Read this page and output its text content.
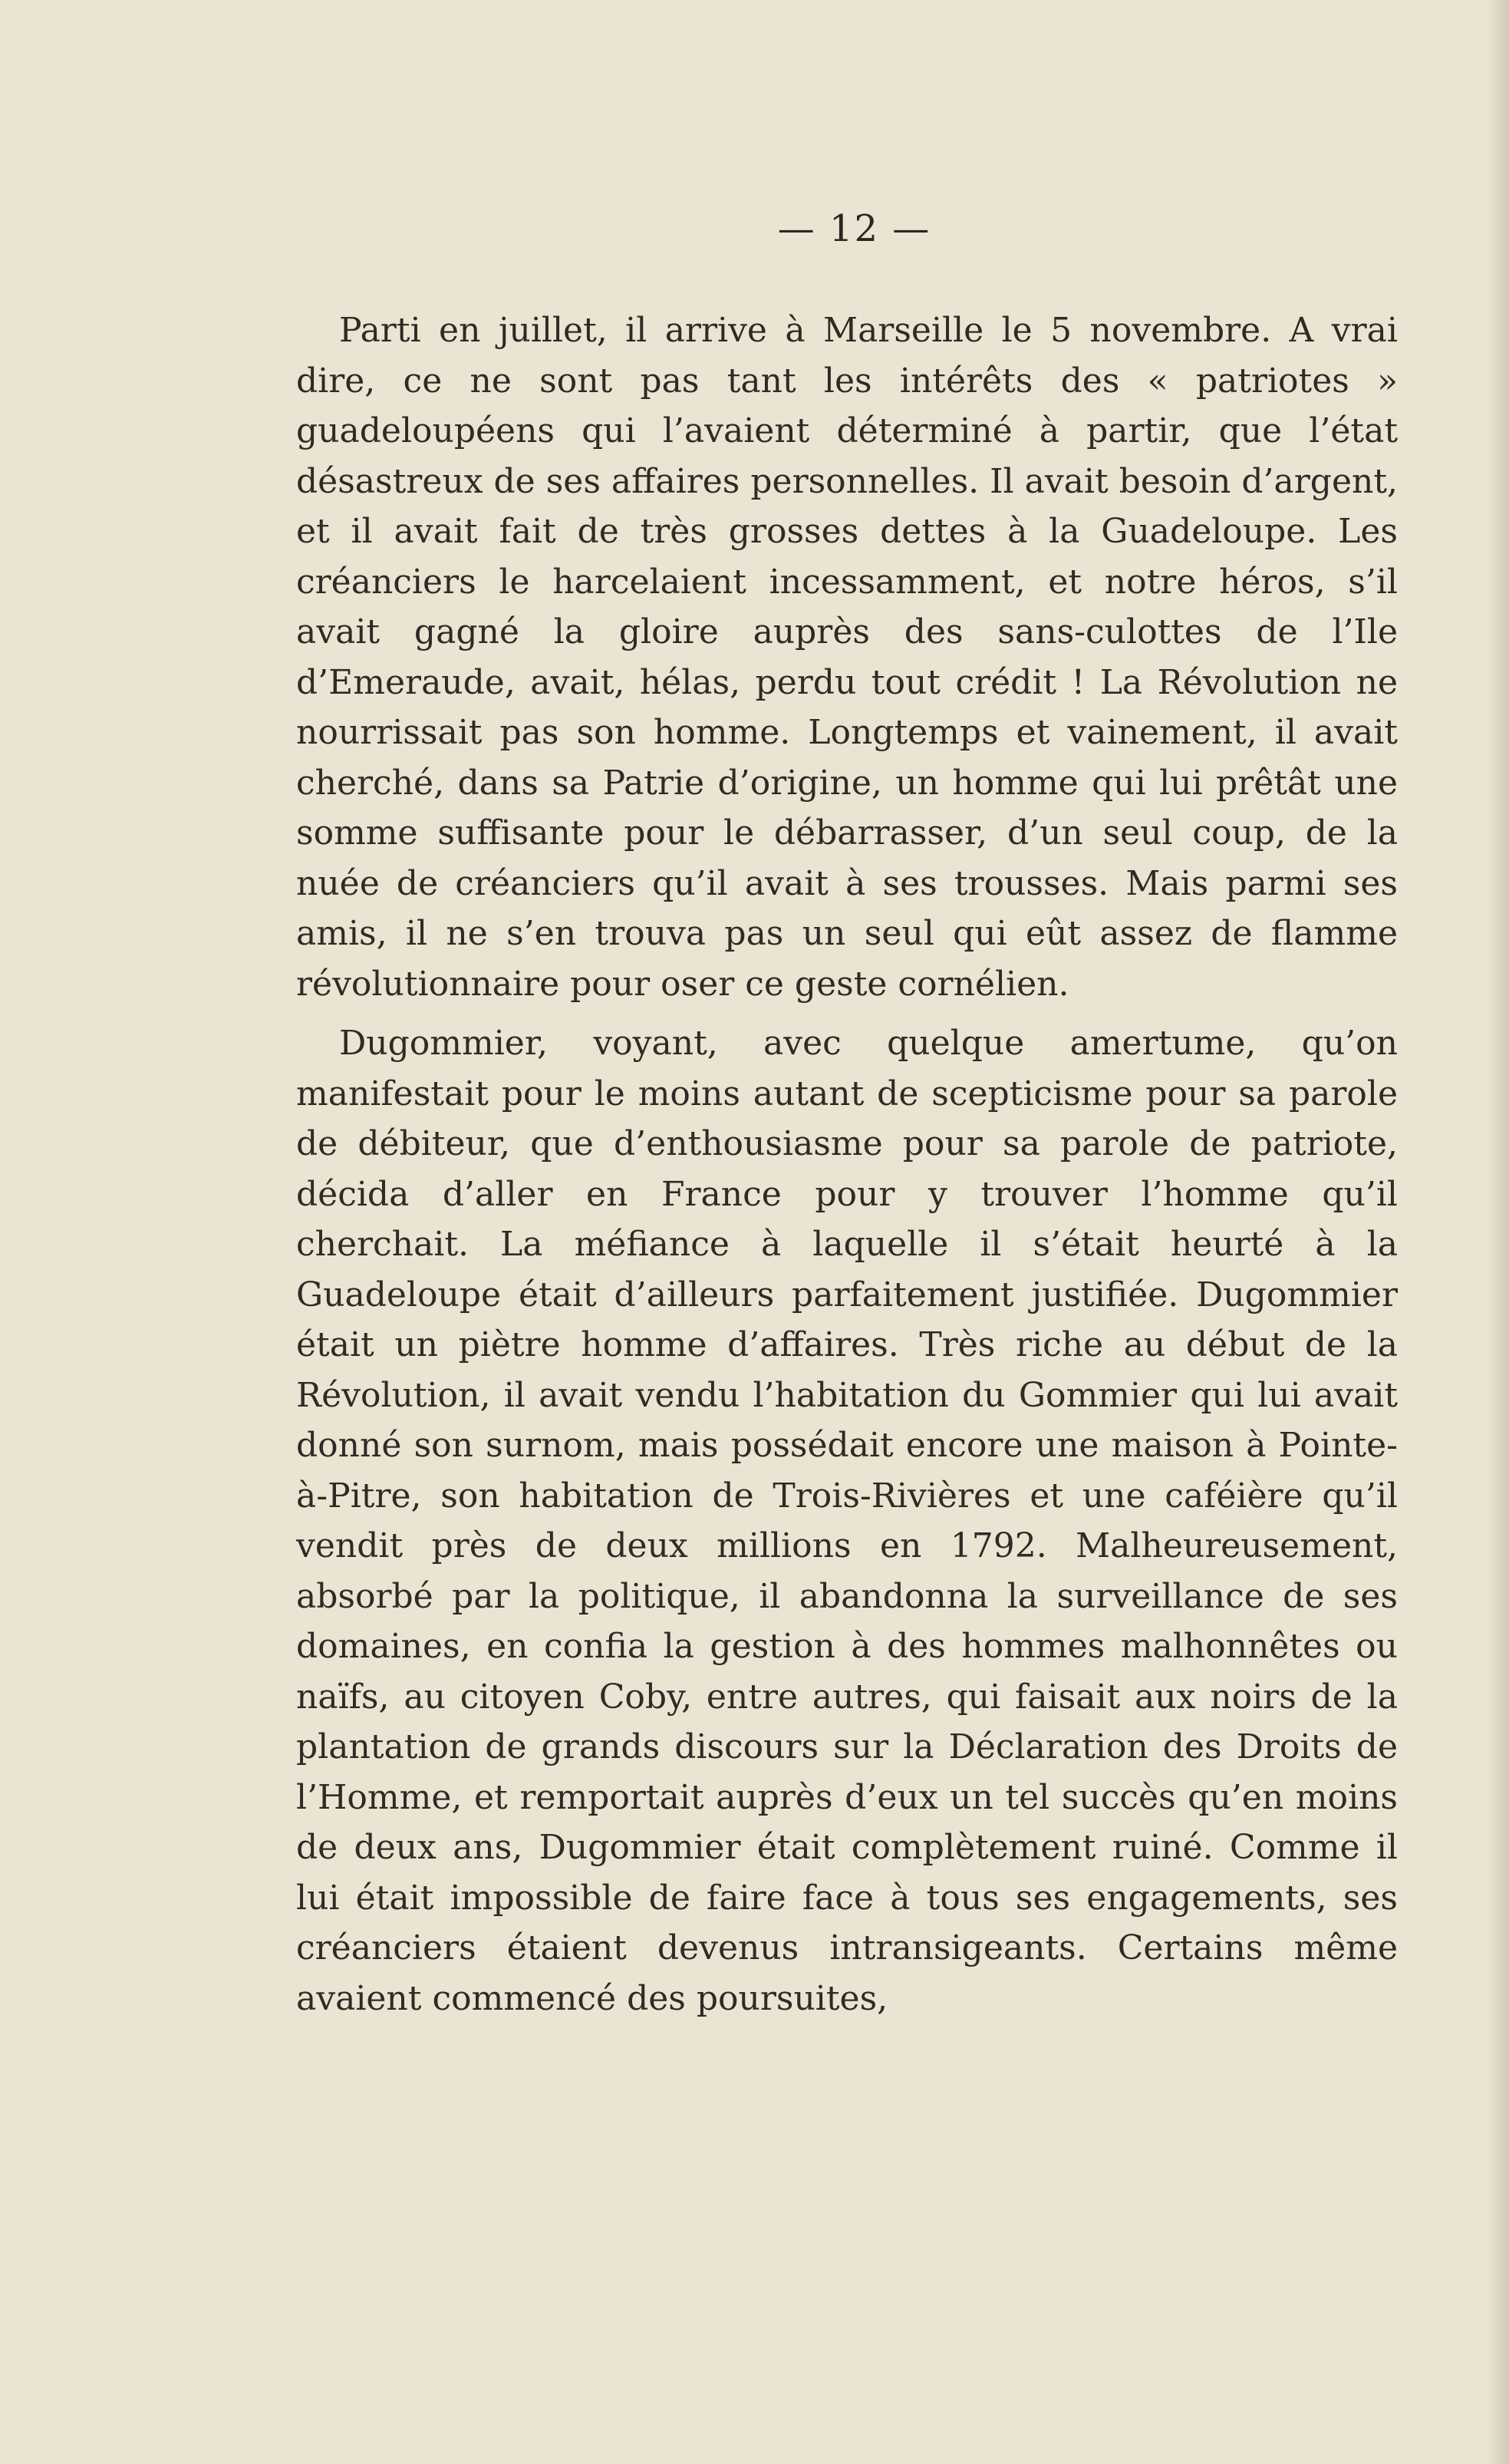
— 12 —

Parti en juillet, il arrive à Marseille le 5 novembre. A vrai dire, ce ne sont pas tant les intérêts des « patriotes » guadeloupéens qui l’avaient déterminé à partir, que l’état désastreux de ses affaires personnelles. Il avait besoin d’argent, et il avait fait de très grosses dettes à la Guadeloupe. Les créanciers le harcelaient incessamment, et notre héros, s’il avait gagné la gloire auprès des sans-culottes de l’Ile d’Emeraude, avait, hélas, perdu tout crédit ! La Révolution ne nourrissait pas son homme. Longtemps et vainement, il avait cherché, dans sa Patrie d’origine, un homme qui lui prêtât une somme suffisante pour le débarrasser, d’un seul coup, de la nuée de créanciers qu’il avait à ses trousses. Mais parmi ses amis, il ne s’en trouva pas un seul qui eût assez de flamme révolutionnaire pour oser ce geste cornélien.

Dugommier, voyant, avec quelque amertume, qu’on manifestait pour le moins autant de scepticisme pour sa parole de débiteur, que d’enthousiasme pour sa parole de patriote, décida d’aller en France pour y trouver l’homme qu’il cherchait. La méfiance à laquelle il s’était heurté à la Guadeloupe était d’ailleurs parfaitement justifiée. Dugommier était un piètre homme d’affaires. Très riche au début de la Révolution, il avait vendu l’habitation du Gommier qui lui avait donné son surnom, mais possédait encore une maison à Pointe-à-Pitre, son habitation de Trois-Rivières et une caféière qu’il vendit près de deux millions en 1792. Malheureusement, absorbé par la politique, il abandonna la surveillance de ses domaines, en confia la gestion à des hommes malhonnêtes ou naïfs, au citoyen Coby, entre autres, qui faisait aux noirs de la plantation de grands discours sur la Déclaration des Droits de l’Homme, et remportait auprès d’eux un tel succès qu’en moins de deux ans, Dugommier était complètement ruiné. Comme il lui était impossible de faire face à tous ses engagements, ses créanciers étaient devenus intransigeants. Certains même avaient commencé des poursuites,
